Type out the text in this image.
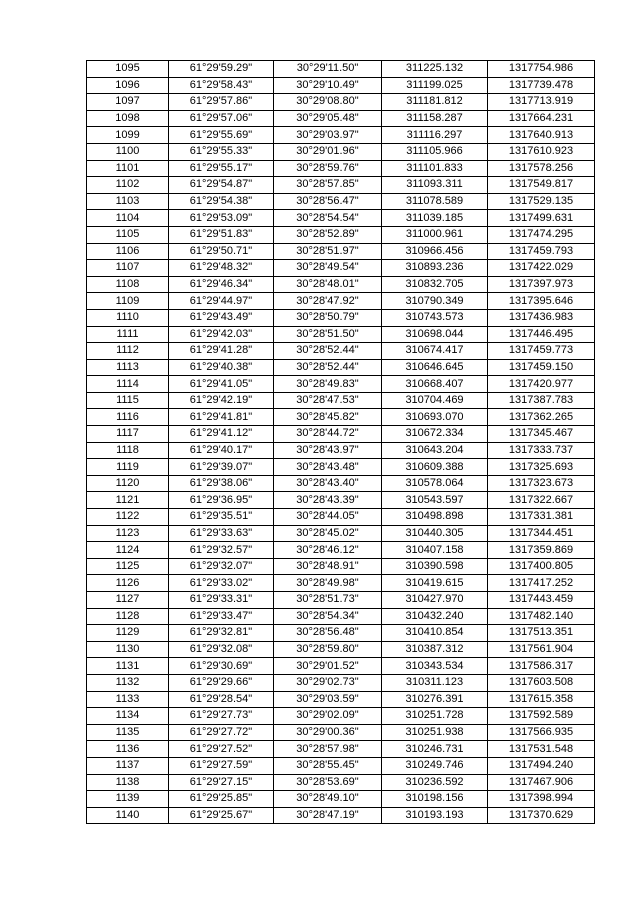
1095	61°29'59.29"	30°29'11.50"	311225.132	1317754.986
1096	61°29'58.43"	30°29'10.49"	311199.025	1317739.478
1097	61°29'57.86"	30°29'08.80"	311181.812	1317713.919
1098	61°29'57.06"	30°29'05.48"	311158.287	1317664.231
1099	61°29'55.69"	30°29'03.97"	311116.297	1317640.913
1100	61°29'55.33"	30°29'01.96"	311105.966	1317610.923
1101	61°29'55.17"	30°28'59.76"	311101.833	1317578.256
1102	61°29'54.87"	30°28'57.85"	311093.311	1317549.817
1103	61°29'54.38"	30°28'56.47"	311078.589	1317529.135
1104	61°29'53.09"	30°28'54.54"	311039.185	1317499.631
1105	61°29'51.83"	30°28'52.89"	311000.961	1317474.295
1106	61°29'50.71"	30°28'51.97"	310966.456	1317459.793
1107	61°29'48.32"	30°28'49.54"	310893.236	1317422.029
1108	61°29'46.34"	30°28'48.01"	310832.705	1317397.973
1109	61°29'44.97"	30°28'47.92"	310790.349	1317395.646
1110	61°29'43.49"	30°28'50.79"	310743.573	1317436.983
1111	61°29'42.03"	30°28'51.50"	310698.044	1317446.495
1112	61°29'41.28"	30°28'52.44"	310674.417	1317459.773
1113	61°29'40.38"	30°28'52.44"	310646.645	1317459.150
1114	61°29'41.05"	30°28'49.83"	310668.407	1317420.977
1115	61°29'42.19"	30°28'47.53"	310704.469	1317387.783
1116	61°29'41.81"	30°28'45.82"	310693.070	1317362.265
1117	61°29'41.12"	30°28'44.72"	310672.334	1317345.467
1118	61°29'40.17"	30°28'43.97"	310643.204	1317333.737
1119	61°29'39.07"	30°28'43.48"	310609.388	1317325.693
1120	61°29'38.06"	30°28'43.40"	310578.064	1317323.673
1121	61°29'36.95"	30°28'43.39"	310543.597	1317322.667
1122	61°29'35.51"	30°28'44.05"	310498.898	1317331.381
1123	61°29'33.63"	30°28'45.02"	310440.305	1317344.451
1124	61°29'32.57"	30°28'46.12"	310407.158	1317359.869
1125	61°29'32.07"	30°28'48.91"	310390.598	1317400.805
1126	61°29'33.02"	30°28'49.98"	310419.615	1317417.252
1127	61°29'33.31"	30°28'51.73"	310427.970	1317443.459
1128	61°29'33.47"	30°28'54.34"	310432.240	1317482.140
1129	61°29'32.81"	30°28'56.48"	310410.854	1317513.351
1130	61°29'32.08"	30°28'59.80"	310387.312	1317561.904
1131	61°29'30.69"	30°29'01.52"	310343.534	1317586.317
1132	61°29'29.66"	30°29'02.73"	310311.123	1317603.508
1133	61°29'28.54"	30°29'03.59"	310276.391	1317615.358
1134	61°29'27.73"	30°29'02.09"	310251.728	1317592.589
1135	61°29'27.72"	30°29'00.36"	310251.938	1317566.935
1136	61°29'27.52"	30°28'57.98"	310246.731	1317531.548
1137	61°29'27.59"	30°28'55.45"	310249.746	1317494.240
1138	61°29'27.15"	30°28'53.69"	310236.592	1317467.906
1139	61°29'25.85"	30°28'49.10"	310198.156	1317398.994
1140	61°29'25.67"	30°28'47.19"	310193.193	1317370.629
